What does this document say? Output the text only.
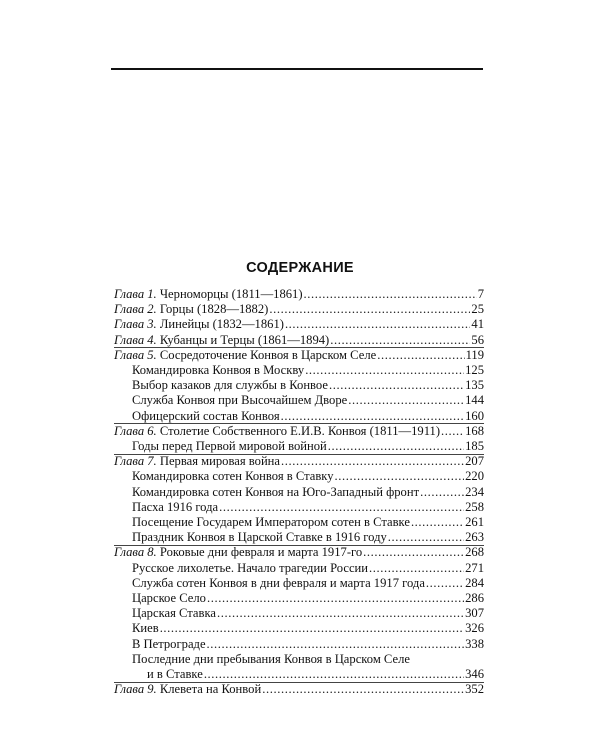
СОДЕРЖАНИЕ
Глава 1. Черноморцы (1811—1861) .....	7
Глава 2. Горцы (1828—1882) .....	25
Глава 3. Линейцы (1832—1861) .....	41
Глава 4. Кубанцы и Терцы (1861—1894) .....	56
Глава 5. Сосредоточение Конвоя в Царском Селе .....	119
Командировка Конвоя в Москву .....	125
Выбор казаков для службы в Конвое .....	135
Служба Конвоя при Высочайшем Дворе .....	144
Офицерский состав Конвоя .....	160
Глава 6. Столетие Собственного Е.И.В. Конвоя (1811—1911) ..... 168
Годы перед Первой мировой войной .....	185
Глава 7. Первая мировая война .....	207
Командировка сотен Конвоя в Ставку .....	220
Командировка сотен Конвоя на Юго-Западный фронт .....	234
Пасха 1916 года .....	258
Посещение Государем Императором сотен в Ставке .....	261
Праздник Конвоя в Царской Ставке в 1916 году .....	263
Глава 8. Роковые дни февраля и марта 1917-го .....	268
Русское лихолетье. Начало трагедии России .....	271
Служба сотен Конвоя в дни февраля и марта 1917 года .....	284
Царское Село .....	286
Царская Ставка .....	307
Киев .....	326
В Петрограде .....	338
Последние дни пребывания Конвоя в Царском Селе
и в Ставке .....	346
Глава 9. Клевета на Конвой .....	352
